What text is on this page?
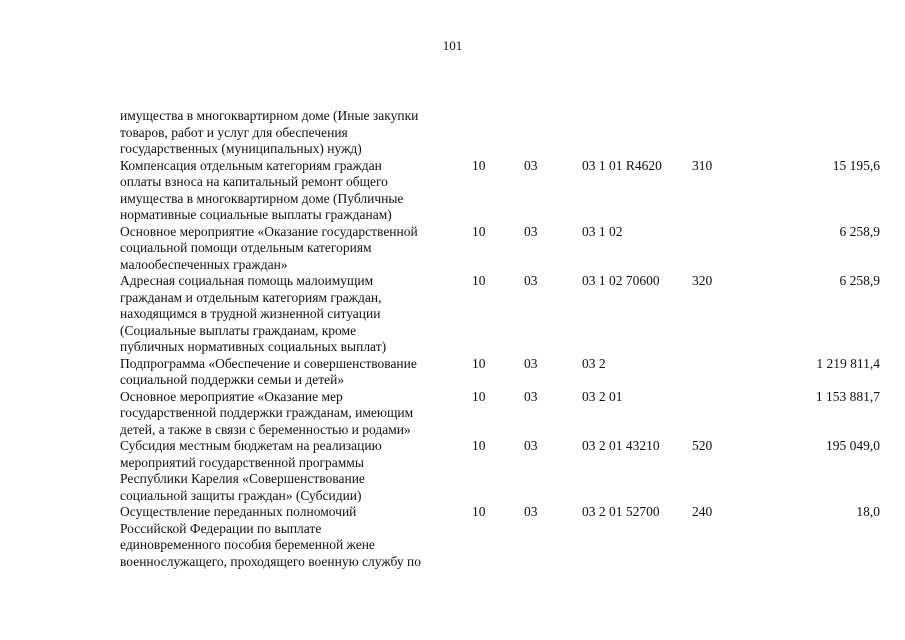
101
имущества в многоквартирном доме (Иные закупки
товаров, работ и услуг для обеспечения
государственных (муниципальных) нужд)					
Компенсация отдельным категориям граждан
оплаты взноса на капитальный ремонт общего
имущества в многоквартирном доме (Публичные
нормативные социальные выплаты гражданам)	10	03	03 1 01 R4620	310	15 195,6
Основное мероприятие «Оказание государственной
социальной помощи отдельным категориям
малообеспеченных граждан»	10	03	03 1 02		6 258,9
Адресная социальная помощь малоимущим
гражданам и отдельным категориям граждан,
находящимся в трудной жизненной ситуации
(Социальные выплаты гражданам, кроме
публичных нормативных социальных выплат)	10	03	03 1 02 70600	320	6 258,9
Подпрограмма «Обеспечение и совершенствование
социальной поддержки семьи и детей»	10	03	03 2		1 219 811,4
Основное мероприятие «Оказание мер
государственной поддержки гражданам, имеющим
детей, а также в связи с беременностью и родами»	10	03	03 2 01		1 153 881,7
Субсидия местным бюджетам на реализацию
мероприятий государственной программы
Республики Карелия «Совершенствование
социальной защиты граждан» (Субсидии)	10	03	03 2 01 43210	520	195 049,0
Осуществление переданных полномочий
Российской Федерации по выплате
единовременного пособия беременной жене
военнослужащего, проходящего военную службу по	10	03	03 2 01 52700	240	18,0
